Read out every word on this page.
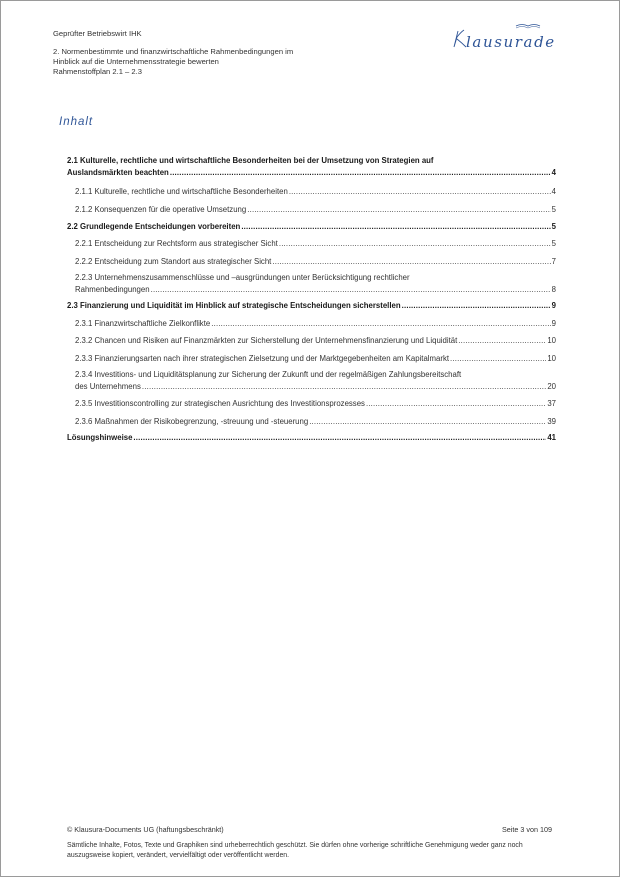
Geprüfter Betriebswirt IHK
2. Normenbestimmte und finanzwirtschaftliche Rahmenbedingungen im
Hinblick auf die Unternehmensstrategie bewerten
Rahmenstoffplan 2.1 – 2.3
lausurade
Inhalt
2.1 Kulturelle, rechtliche und wirtschaftliche Besonderheiten bei der Umsetzung von Strategien auf
Auslandsmärkten beachten .....	4
2.1.1 Kulturelle, rechtliche und wirtschaftliche Besonderheiten .....	4
2.1.2 Konsequenzen für die operative Umsetzung .....	5
2.2 Grundlegende Entscheidungen vorbereiten .....	5
2.2.1 Entscheidung zur Rechtsform aus strategischer Sicht .....	5
2.2.2 Entscheidung zum Standort aus strategischer Sicht .....	7
2.2.3 Unternehmenszusammenschlüsse und –ausgründungen unter Berücksichtigung rechtlicher
Rahmenbedingungen .....	8
2.3 Finanzierung und Liquidität im Hinblick auf strategische Entscheidungen sicherstellen .....	9
2.3.1 Finanzwirtschaftliche Zielkonflikte .....	9
2.3.2 Chancen und Risiken auf Finanzmärkten zur Sicherstellung der Unternehmensfinanzierung und Liquidität .....	10
2.3.3 Finanzierungsarten nach ihrer strategischen Zielsetzung und der Marktgegebenheiten am Kapitalmarkt .....	10
2.3.4 Investitions- und Liquiditätsplanung zur Sicherung der Zukunft und der regelmäßigen Zahlungsbereitschaft
des Unternehmens .....	20
2.3.5 Investitionscontrolling zur strategischen Ausrichtung des Investitionsprozesses .....	37
2.3.6 Maßnahmen der Risikobegrenzung, -streuung und -steuerung .....	39
Lösungshinweise .....	41
© Klausura-Documents UG (haftungsbeschränkt)	Seite 3 von 109
Sämtliche Inhalte, Fotos, Texte und Graphiken sind urheberrechtlich geschützt. Sie dürfen ohne vorherige schriftliche Genehmigung weder ganz noch auszugsweise kopiert, verändert, vervielfältigt oder veröffentlicht werden.
